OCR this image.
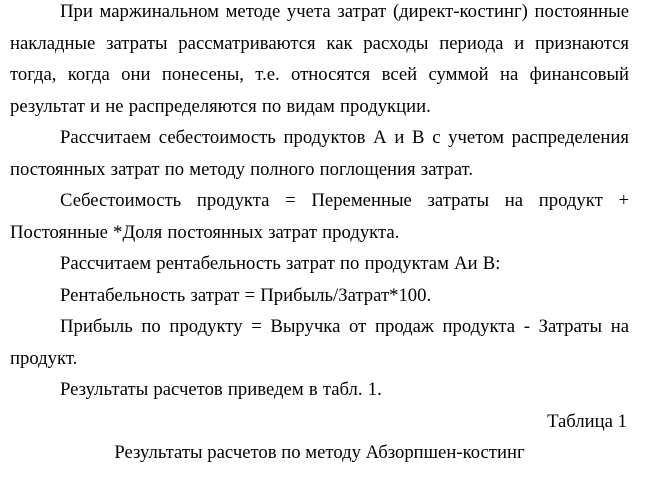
При маржинальном методе учета затрат (директ-костинг) постоянные накладные затраты рассматриваются как расходы периода и признаются тогда, когда они понесены, т.е. относятся всей суммой на финансовый результат и не распределяются по видам продукции.

Рассчитаем себестоимость продуктов А и В с учетом распределения постоянных затрат по методу полного поглощения затрат.

Себестоимость продукта = Переменные затраты на продукт + Постоянные *Доля постоянных затрат продукта.

Рассчитаем рентабельность затрат по продуктам Аи В:

Рентабельность затрат = Прибыль/Затрат*100.

Прибыль по продукту = Выручка от продаж продукта - Затраты на продукт.

Результаты расчетов приведем в табл. 1.

Таблица 1

Результаты расчетов по методу Абзорпшен-костинг
